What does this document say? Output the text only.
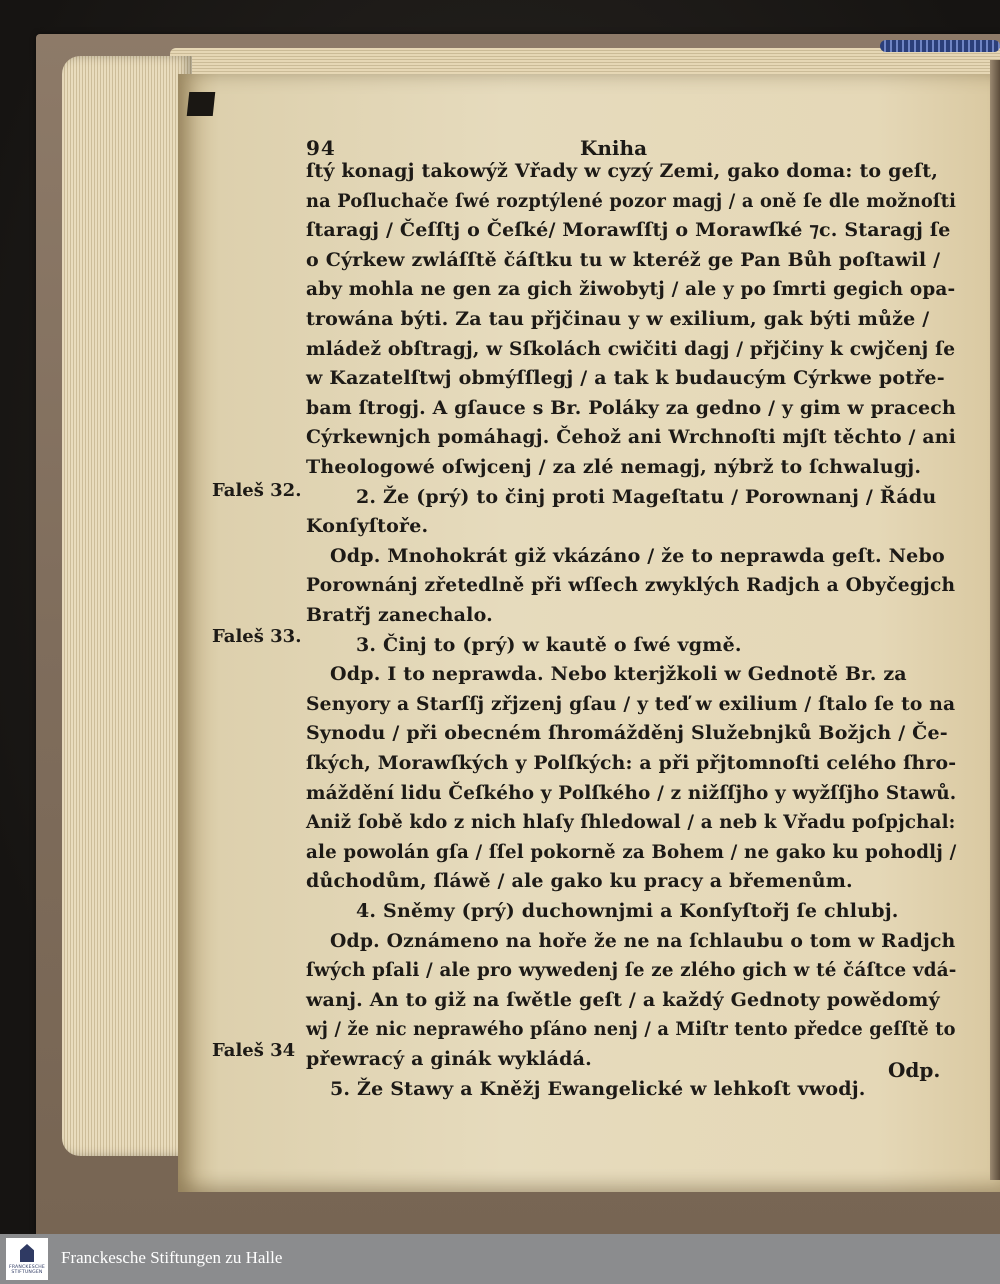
94	Kniha
ſtý konagj takowýž Vřady w cyzý Zemi, gako doma: to geſt,
na Poſluchače ſwé rozptýlené pozor magj / a oně ſe dle možnoſti
ſtaragj / Čeſſtj o Čeſké/ Morawſſtj o Morawſké ⁊c. Staragj ſe
o Cýrkew zwláſſtě čáſtku tu w kteréž ge Pan Bůh poſtawil /
aby mohla ne gen za gich žiwobytj / ale y po ſmrti gegich opa-
trowána býti. Za tau přjčinau y w exilium, gak býti může /
mládež obſtragj, w Sſkolách cwičiti dagj / přjčiny k cwjčenj ſe
w Kazatelſtwj obmýſſlegj / a tak k budaucým Cýrkwe potře-
bam ſtrogj. A gſauce s Br. Poláky za gedno / y gim w pracech
Cýrkewnjch pomáhagj. Čehož ani Wrchnoſti mjſt těchto / ani
Theologowé oſwjcenj / za zlé nemagj, nýbrž to ſchwalugj.
2. Že (prý) to činj proti Mageſtatu / Porownanj / Řádu
Konſyſtoře.
Odp. Mnohokrát giž vkázáno / že to neprawda geſt. Nebo
Porownánj zřetedlně při wſſech zwyklých Radjch a Obyčegjch
Bratřj zanechalo.
3. Činj to (prý) w kautě o ſwé vgmě.
Odp. I to neprawda. Nebo kterjžkoli w Gednotě Br. za
Senyory a Starſſj zřjzenj gſau / y teď w exilium / ſtalo ſe to na
Synodu / při obecném ſhromážděnj Služebnjků Božjch / Če-
ſkých, Morawſkých y Polſkých: a při přjtomnoſti celého ſhro-
máždění lidu Čeſkého y Polſkého / z nižſſjho y wyžſſjho Stawů.
Aniž ſobě kdo z nich hlaſy ſhledowal / a neb k Vřadu poſpjchal:
ale powolán gſa / ſſel pokorně za Bohem / ne gako ku pohodlj /
důchodům, ſláwě / ale gako ku pracy a břemenům.
4. Sněmy (prý) duchownjmi a Konſyſtořj ſe chlubj.
Odp. Oznámeno na hoře že ne na ſchlaubu o tom w Radjch
ſwých pſali / ale pro wywedenj ſe ze zlého gich w té čáſtce vdá-
wanj. An to giž na ſwětle geſt / a každý Gednoty powědomý
wj / že nic neprawého pſáno nenj / a Miſtr tento předce geſſtě to
přewracý a ginák wykládá.
5. Že Stawy a Kněžj Ewangelické w lehkoſt vwodj.
Faleš 32.
Faleš 33.
Faleš 34
Odp.
FRANCKESCHE STIFTUNGEN
Franckesche Stiftungen zu Halle
